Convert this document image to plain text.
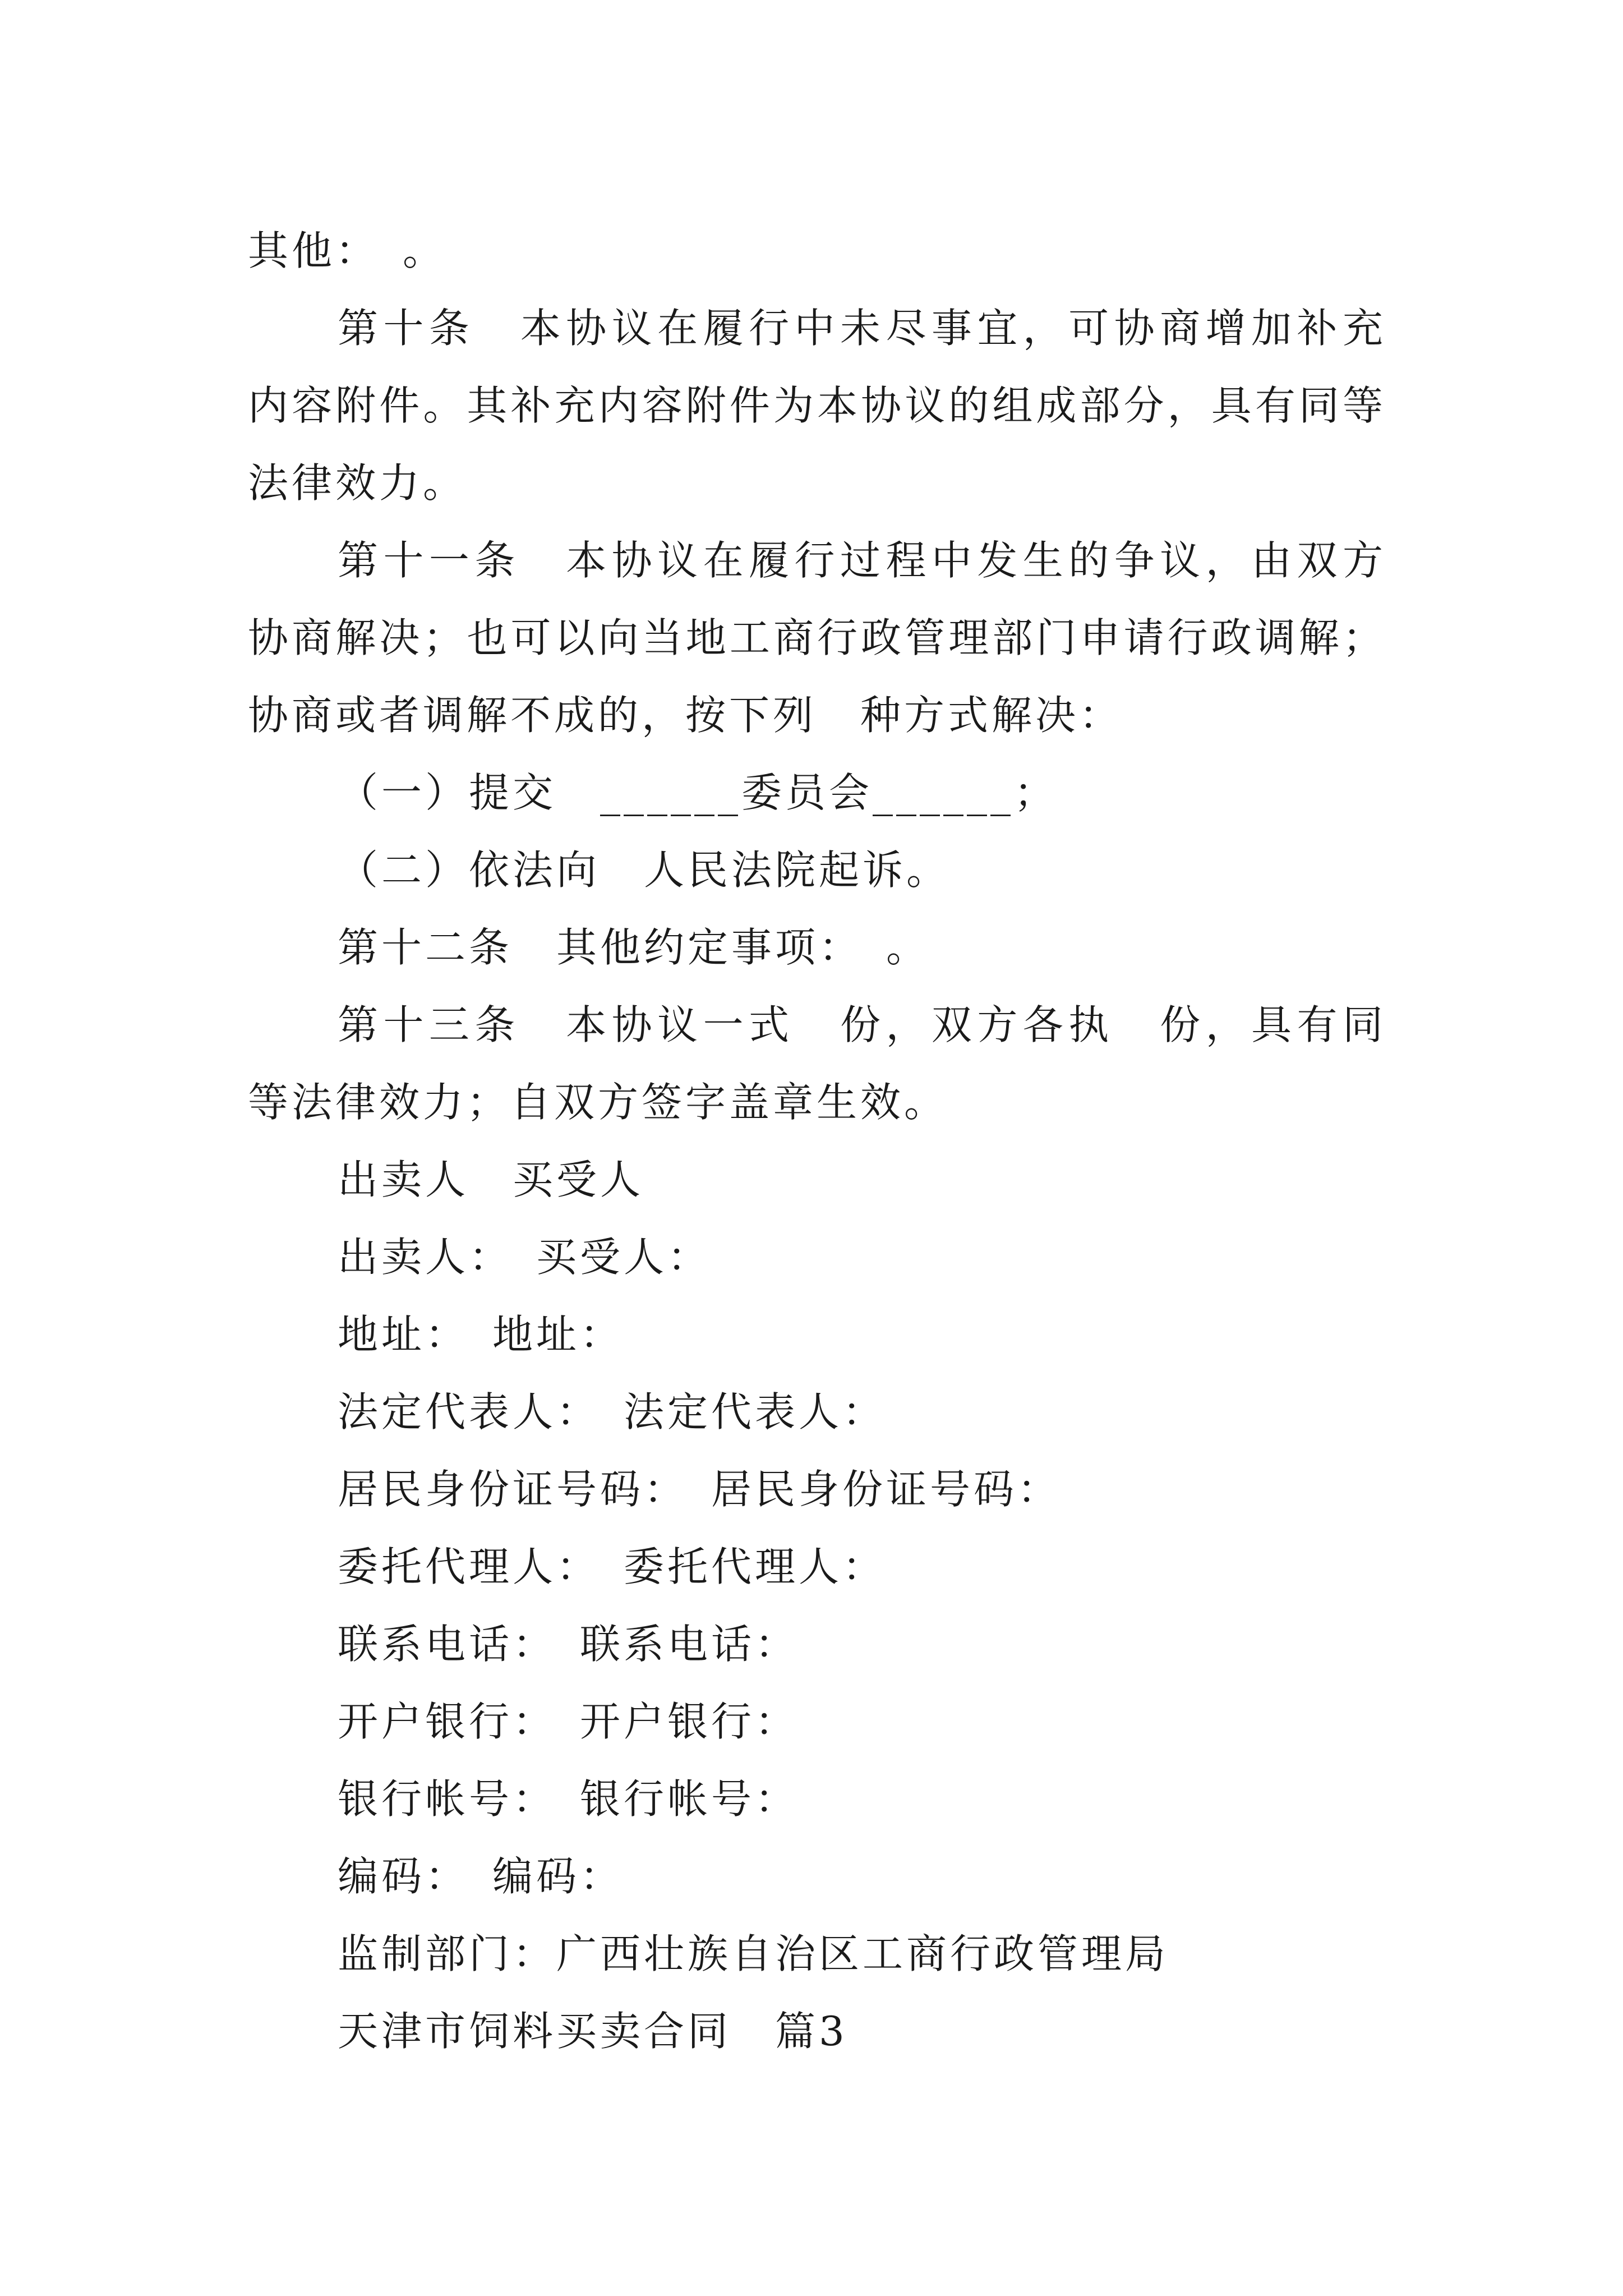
其他：　。

第十条　本协议在履行中未尽事宜，可协商增加补充内容附件。其补充内容附件为本协议的组成部分，具有同等法律效力。

第十一条　本协议在履行过程中发生的争议，由双方协商解决；也可以向当地工商行政管理部门申请行政调解；协商或者调解不成的，按下列　种方式解决：

（一）提交　______委员会______；

（二）依法向　人民法院起诉。

第十二条　其他约定事项：　。

第十三条　本协议一式　份，双方各执　份，具有同等法律效力；自双方签字盖章生效。

出卖人　买受人

出卖人：　买受人：

地址：　地址：

法定代表人：　法定代表人：

居民身份证号码：　居民身份证号码：

委托代理人：　委托代理人：

联系电话：　联系电话：

开户银行：　开户银行：

银行帐号：　银行帐号：

编码：　编码：

监制部门：广西壮族自治区工商行政管理局

天津市饲料买卖合同　篇3
